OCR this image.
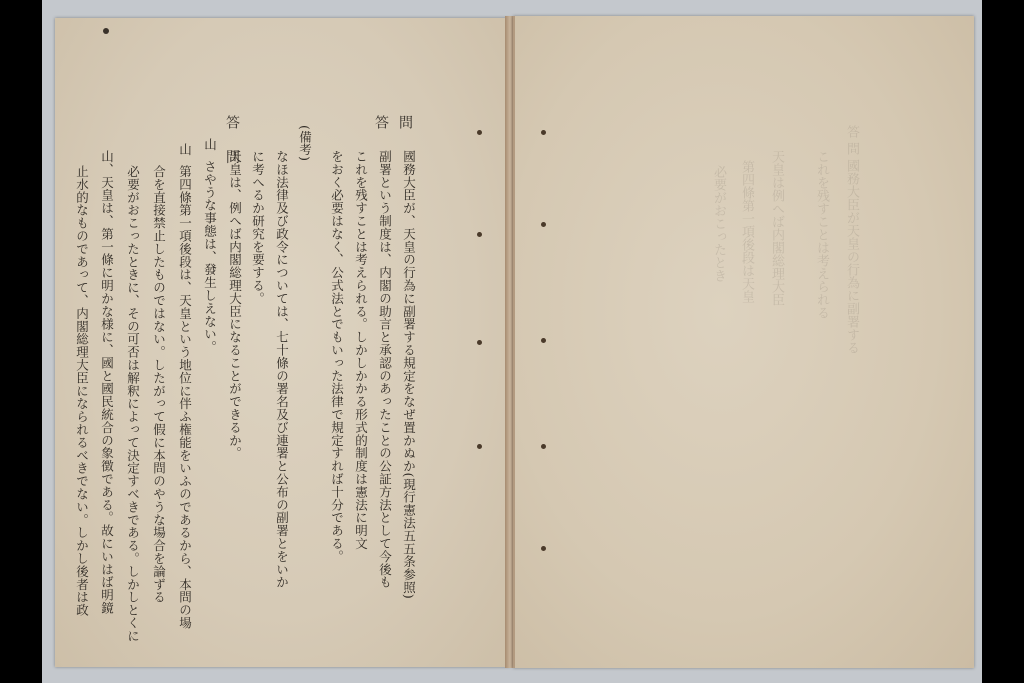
問
答
國務大臣が、天皇の行為に副署する規定をなぜ置かぬか(現行憲法五五条参照)
副署という制度は、内閣の助言と承認のあったことの公証方法として今後も
これを残すことは考えられる。しかしかかる形式的制度は憲法に明文
をおく必要はなく、公式法とでもいった法律で規定すれば十分である。
(備考)
なほ法律及び政令については、七十條の署名及び連署と公布の副署とをいか
に考へるか研究を要する。
答 問
天皇は、例へば内閣総理大臣になることができるか。
山
さやうな事態は、發生しえない。
山
第四條第一項後段は、天皇という地位に伴ふ権能をいふのであるから、本問の場
合を直接禁止したものではない。したがって假に本問のやうな場合を論ずる
必要がおこったときに、その可否は解釈によって決定すべきである。しかしとくに
山、天皇は、第一條に明かな様に、國と國民統合の象徴である。故にいはば明鏡
止水的なものであって、内閣総理大臣になられるべきでない。しかし後者は政	答 問 國務大臣が天皇の行為に副署する
これを残すことは考えられる
天皇は例へば内閣総理大臣
第四條第一項後段は天皇
必要がおこったとき
